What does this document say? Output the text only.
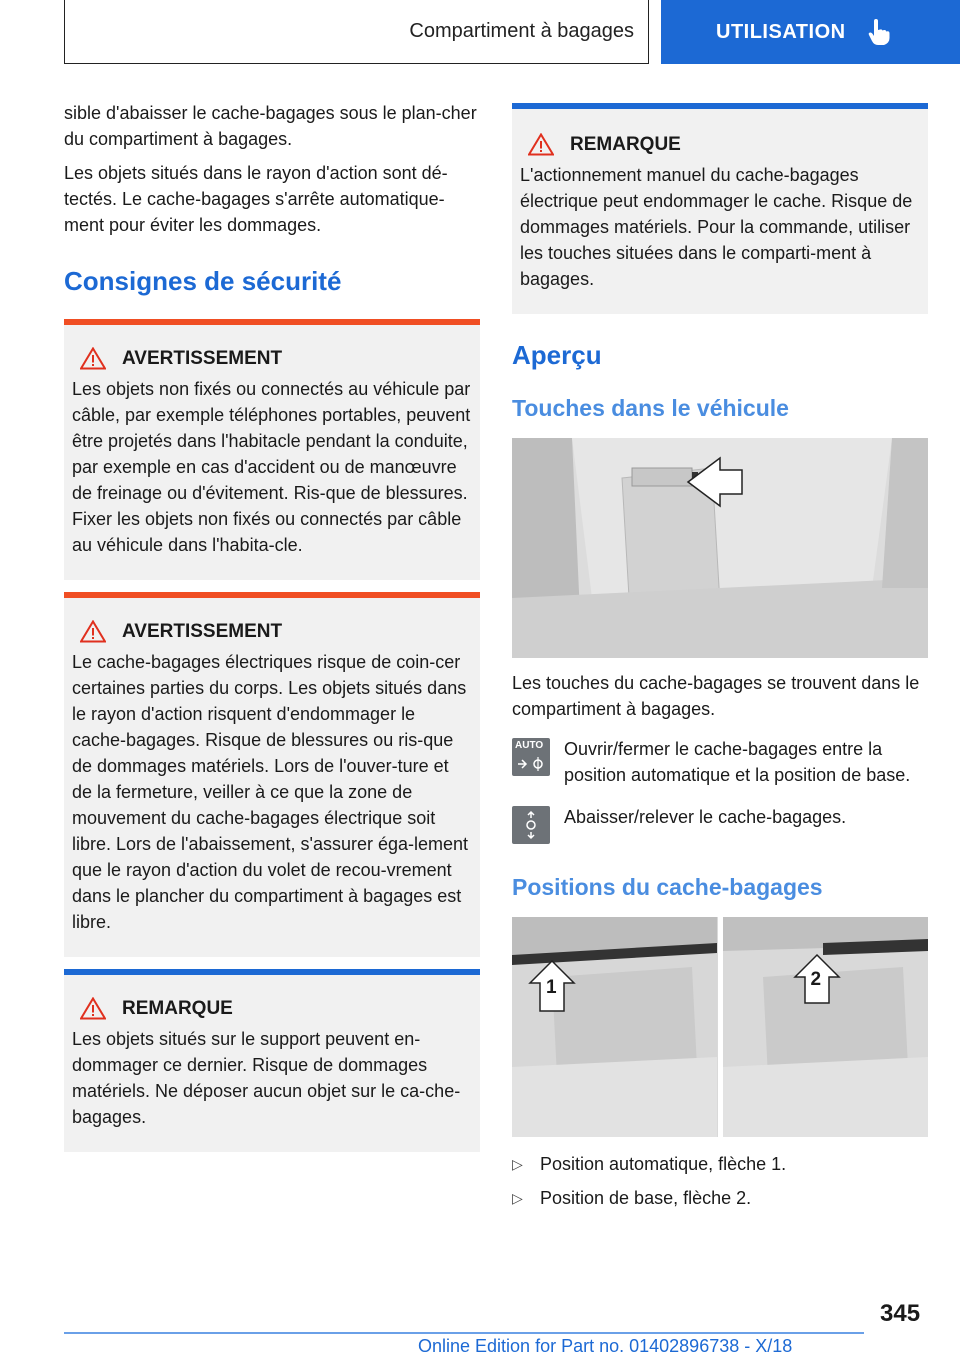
Compartiment à bagages	UTILISATION

sible d'abaisser le cache-bagages sous le plan-cher du compartiment à bagages.

Les objets situés dans le rayon d'action sont dé-tectés. Le cache-bagages s'arrête automatique-ment pour éviter les dommages.

Consignes de sécurité
AVERTISSEMENT

Les objets non fixés ou connectés au véhicule par câble, par exemple téléphones portables, peuvent être projetés dans l'habitacle pendant la conduite, par exemple en cas d'accident ou de manœuvre de freinage ou d'évitement. Ris-que de blessures. Fixer les objets non fixés ou connectés par câble au véhicule dans l'habita-cle.

AVERTISSEMENT

Le cache-bagages électriques risque de coin-cer certaines parties du corps. Les objets situés dans le rayon d'action risquent d'endommager le cache-bagages. Risque de blessures ou ris-que de dommages matériels. Lors de l'ouver-ture et de la fermeture, veiller à ce que la zone de mouvement du cache-bagages électrique soit libre. Lors de l'abaissement, s'assurer éga-lement que le rayon d'action du volet de recou-vrement dans le plancher du compartiment à bagages est libre.

REMARQUE

Les objets situés sur le support peuvent en-dommager ce dernier. Risque de dommages matériels. Ne déposer aucun objet sur le ca-che-bagages.

REMARQUE

L'actionnement manuel du cache-bagages électrique peut endommager le cache. Risque de dommages matériels. Pour la commande, utiliser les touches situées dans le comparti-ment à bagages.

Aperçu
Touches dans le véhicule

Les touches du cache-bagages se trouvent dans le compartiment à bagages.

AUTO Ouvrir/fermer le cache-bagages entre la position automatique et la position de base.

Abaisser/relever le cache-bagages.

Positions du cache-bagages
1	2
▷ Position automatique, flèche 1.
▷ Position de base, flèche 2.
345
Online Edition for Part no. 01402896738 - X/18
